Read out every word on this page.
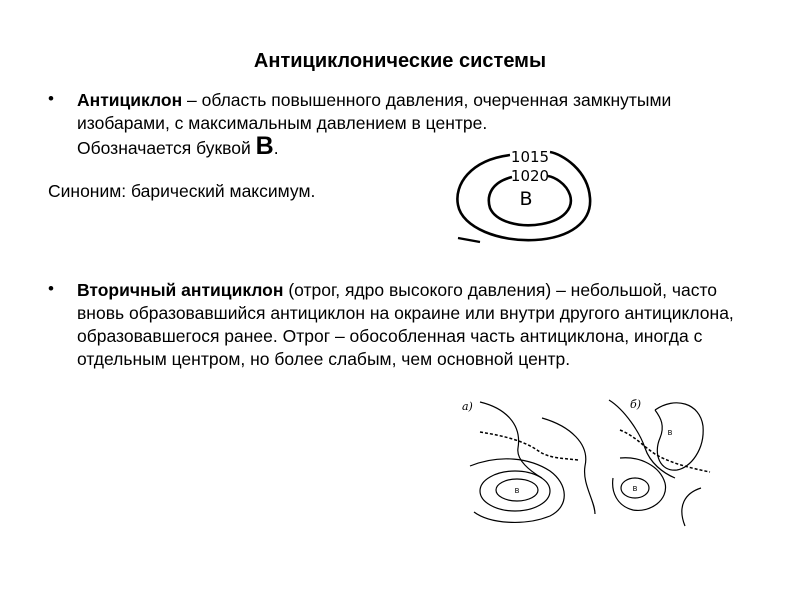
Антициклонические системы
• Антициклон – область повышенного давления, очерченная замкнутыми изобарами, с максимальным давлением в центре.
Обозначается буквой В.
Синоним: барический максимум.
1015
1020
В
• Вторичный антициклон (отрог, ядро высокого давления) – небольшой, часто вновь образовавшийся антициклон на окраине или внутри другого антициклона, образовавшегося ранее. Отрог – обособленная часть антициклона, иногда с отдельным центром, но более слабым, чем основной центр.
а)
В
б)
В
В
